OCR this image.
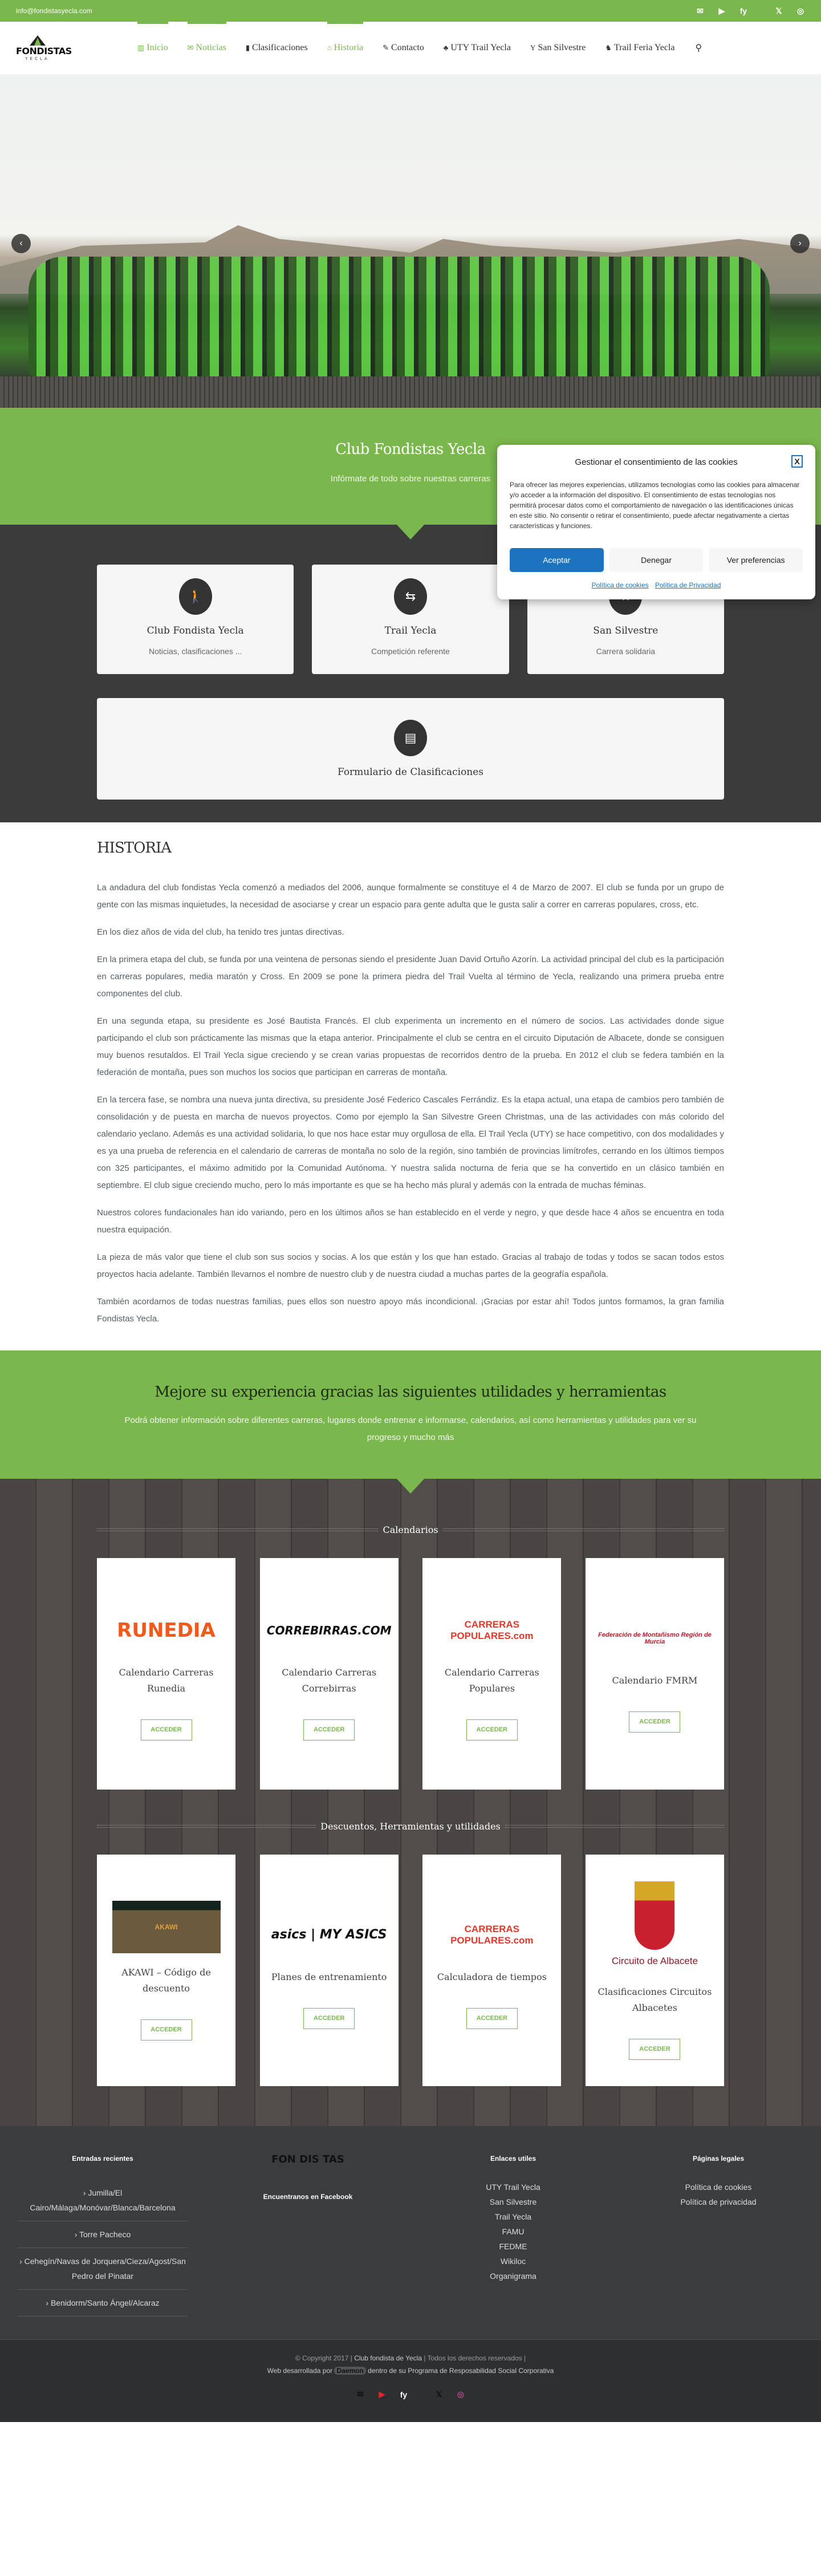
info@fondistasyecla.com	✉ ▶ fy	𝕏 ◎
FONDISTAS
YECLA
▥ Inicio	✉ Noticias	▮ Clasificaciones	⌂ Historia	✎ Contacto	♣ UTY Trail Yecla	Y San Silvestre	♞ Trail Feria Yecla ⚲
‹	›
Club Fondistas Yecla

Infórmate de todo sobre nuestras carreras

🚶
Club Fondista Yecla

Noticias, clasificaciones ...

⇆
Trail Yecla

Competición referente

San Silvestre

Carrera solidaria

▤
Formulario de Clasificaciones
HISTORIA

La andadura del club fondistas Yecla comenzó a mediados del 2006, aunque formalmente se constituye el 4 de Marzo de 2007. El club se funda por un grupo de gente con las mismas inquietudes, la necesidad de asociarse y crear un espacio para gente adulta que le gusta salir a correr en carreras populares, cross, etc.

En los diez años de vida del club, ha tenido tres juntas directivas.

En la primera etapa del club, se funda por una veintena de personas siendo el presidente Juan David Ortuño Azorín. La actividad principal del club es la participación en carreras populares, media maratón y Cross. En 2009 se pone la primera piedra del Trail Vuelta al término de Yecla, realizando una primera prueba entre componentes del club.

En una segunda etapa, su presidente es José Bautista Francés. El club experimenta un incremento en el número de socios. Las actividades donde sigue participando el club son prácticamente las mismas que la etapa anterior. Principalmente el club se centra en el circuito Diputación de Albacete, donde se consiguen muy buenos resutaldos. El Trail Yecla sigue creciendo y se crean varias propuestas de recorridos dentro de la prueba. En 2012 el club se federa también en la federación de montaña, pues son muchos los socios que participan en carreras de montaña.

En la tercera fase, se nombra una nueva junta directiva, su presidente José Federico Cascales Ferrándiz. Es la etapa actual, una etapa de cambios pero también de consolidación y de puesta en marcha de nuevos proyectos. Como por ejemplo la San Silvestre Green Christmas, una de las actividades con más colorido del calendario yeclano. Además es una actividad solidaria, lo que nos hace estar muy orgullosa de ella. El Trail Yecla (UTY) se hace competitivo, con dos modalidades y es ya una prueba de referencia en el calendario de carreras de montaña no solo de la región, sino también de provincias limítrofes, cerrando en los últimos tiempos con 325 participantes, el máximo admitido por la Comunidad Autónoma. Y nuestra salida nocturna de feria que se ha convertido en un clásico también en septiembre. El club sigue creciendo mucho, pero lo más importante es que se ha hecho más plural y además con la entrada de muchas féminas.

Nuestros colores fundacionales han ido variando, pero en los últimos años se han establecido en el verde y negro, y que desde hace 4 años se encuentra en toda nuestra equipación.

La pieza de más valor que tiene el club son sus socios y socias. A los que están y los que han estado. Gracias al trabajo de todas y todos se sacan todos estos proyectos hacia adelante. También llevarnos el nombre de nuestro club y de nuestra ciudad a muchas partes de la geografía española.

También acordarnos de todas nuestras familias, pues ellos son nuestro apoyo más incondicional. ¡Gracias por estar ahí! Todos juntos formamos, la gran familia Fondistas Yecla.

Mejore su experiencia gracias las siguientes utilidades y herramientas

Podrá obtener información sobre diferentes carreras, lugares donde entrenar e informarse, calendarios, así como herramientas y utilidades para ver su progreso y mucho más

Calendarios
RUNEDIA
Calendario Carreras Runedia
ACCEDER
CORREBIRRAS.COM
Calendario Carreras Correbirras
ACCEDER
CARRERAS POPULARES.com
Calendario Carreras Populares
ACCEDER
Federación de Montañismo Región de Murcia
Calendario FMRM
ACCEDER
Descuentos, Herramientas y utilidades
AKAWI
AKAWI – Código de descuento
ACCEDER
asics | MY ASICS
Planes de entrenamiento
ACCEDER
CARRERAS POPULARES.com
Calculadora de tiempos
ACCEDER
Circuito de Albacete
Clasificaciones Circuitos Albacetes
ACCEDER
Entradas recientes
› Jumilla/El Cairo/Málaga/Monóvar/Blanca/Barcelona
› Torre Pacheco
› Cehegín/Navas de Jorquera/Cieza/Agost/San Pedro del Pinatar
› Benidorm/Santo Ángel/Alcaraz
FON DIS TAS
Encuentranos en Facebook
Enlaces utiles
UTY Trail Yecla
San Silvestre
Trail Yecla
FAMU
FEDME
Wikiloc
Organigrama
Páginas legales
Política de cookies
Política de privacidad
© Copyright 2017 | Club fondista de Yecla | Todos los derechos reservados |
Web desarrollada por Daemon dentro de su Programa de Resposabilidad Social Corporativa
✉ ▶ fy	𝕏 ◎
Gestionar el consentimiento de las cookies	X

Para ofrecer las mejores experiencias, utilizamos tecnologías como las cookies para almacenar y/o acceder a la información del dispositivo. El consentimiento de estas tecnologías nos permitirá procesar datos como el comportamiento de navegación o las identificaciones únicas en este sitio. No consentir o retirar el consentimiento, puede afectar negativamente a ciertas características y funciones.

Aceptar	Denegar	Ver preferencias
Política de cookies Política de Privacidad
